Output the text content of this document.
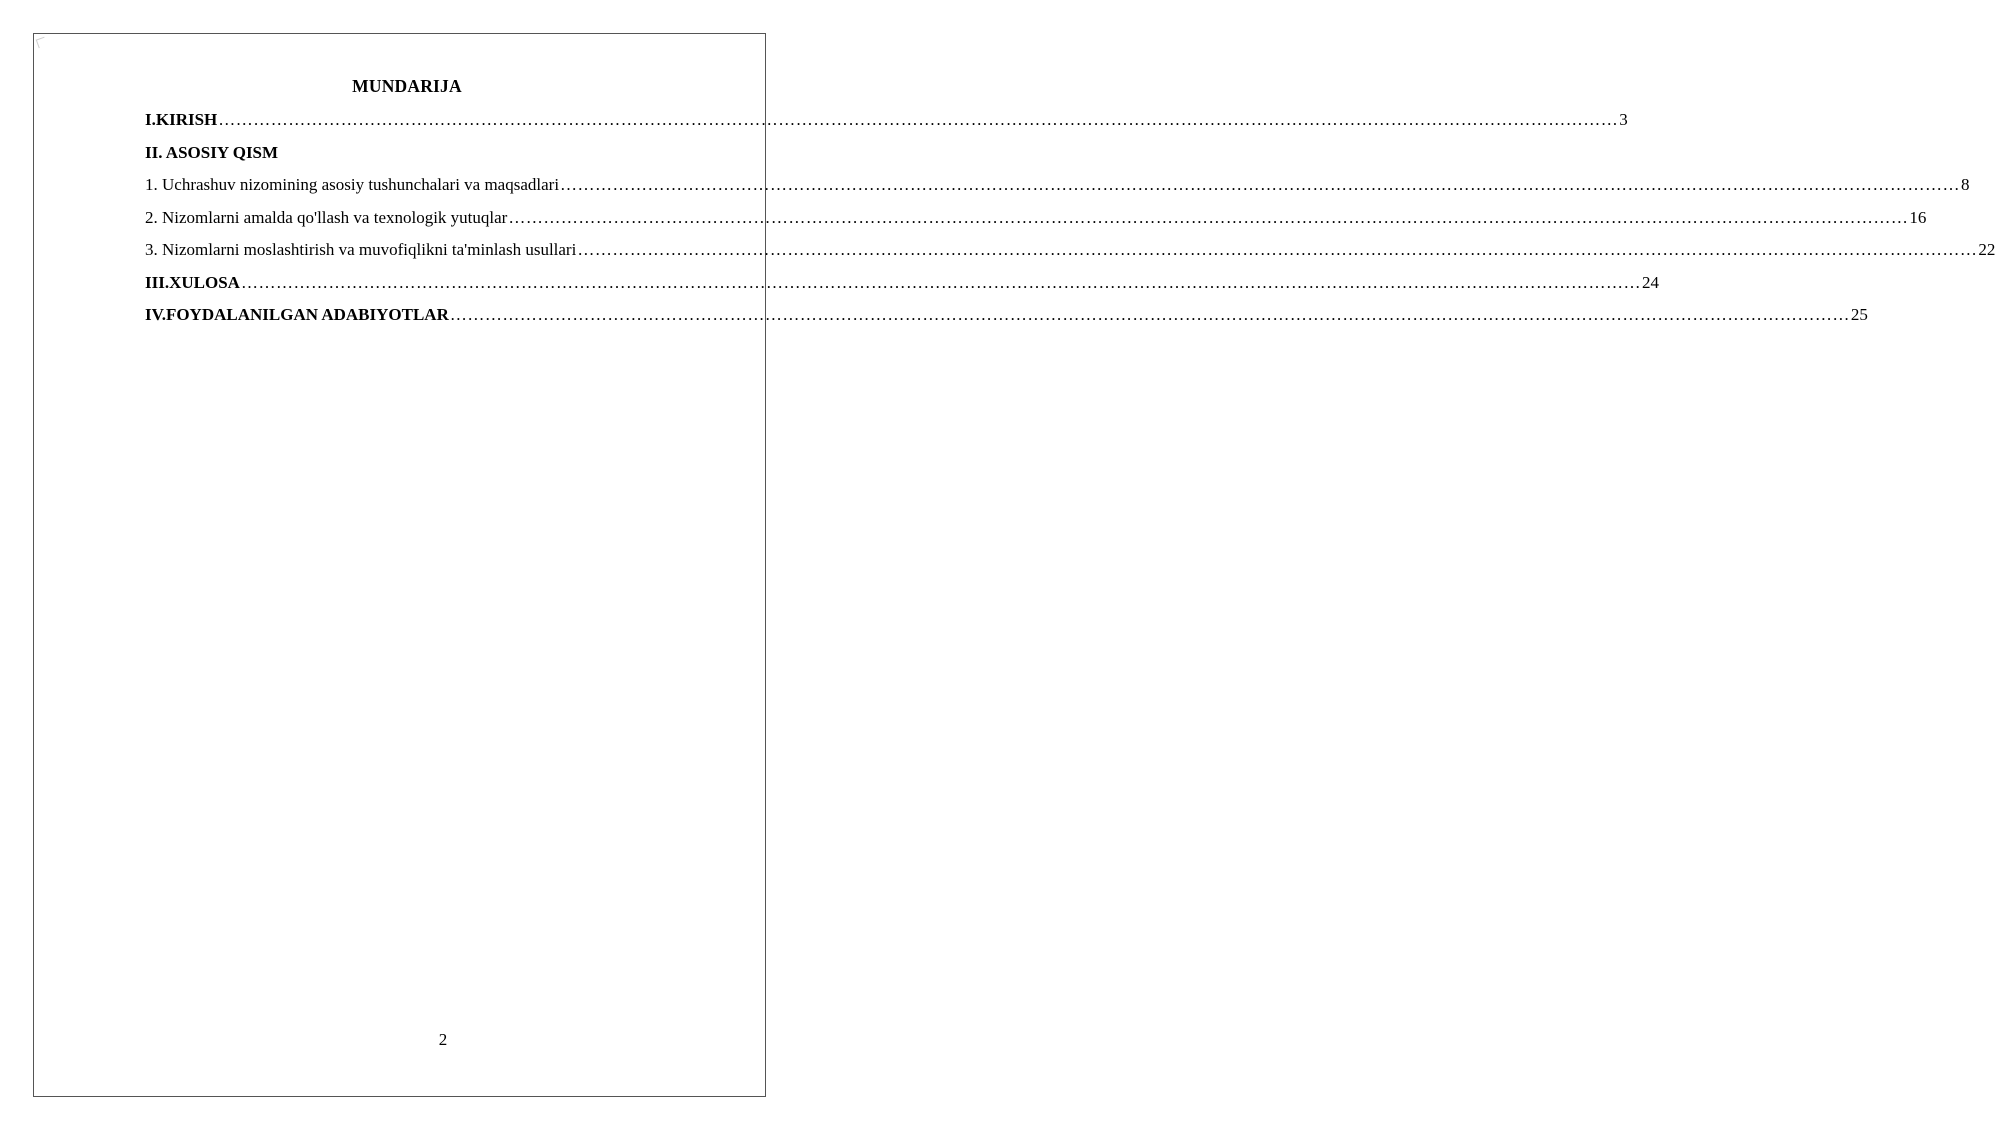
MUNDARIJA
I.KIRISH …………………………………………………………………………………………………………………………………………………………………………………………………………………… 3
II. ASOSIY QISM
1. Uchrashuv nizomining asosiy tushunchalari va maqsadlari …………………………………………………………………………………………………………………………………………………………………………………………………………………… 8
2. Nizomlarni amalda qo'llash va texnologik yutuqlar …………………………………………………………………………………………………………………………………………………………………………………………………………………… 16
3. Nizomlarni moslashtirish va muvofiqlikni ta'minlash usullari …………………………………………………………………………………………………………………………………………………………………………………………………………………… 22
III.XULOSA …………………………………………………………………………………………………………………………………………………………………………………………………………………… 24
IV.FOYDALANILGAN ADABIYOTLAR …………………………………………………………………………………………………………………………………………………………………………………………………………………… 25
2
